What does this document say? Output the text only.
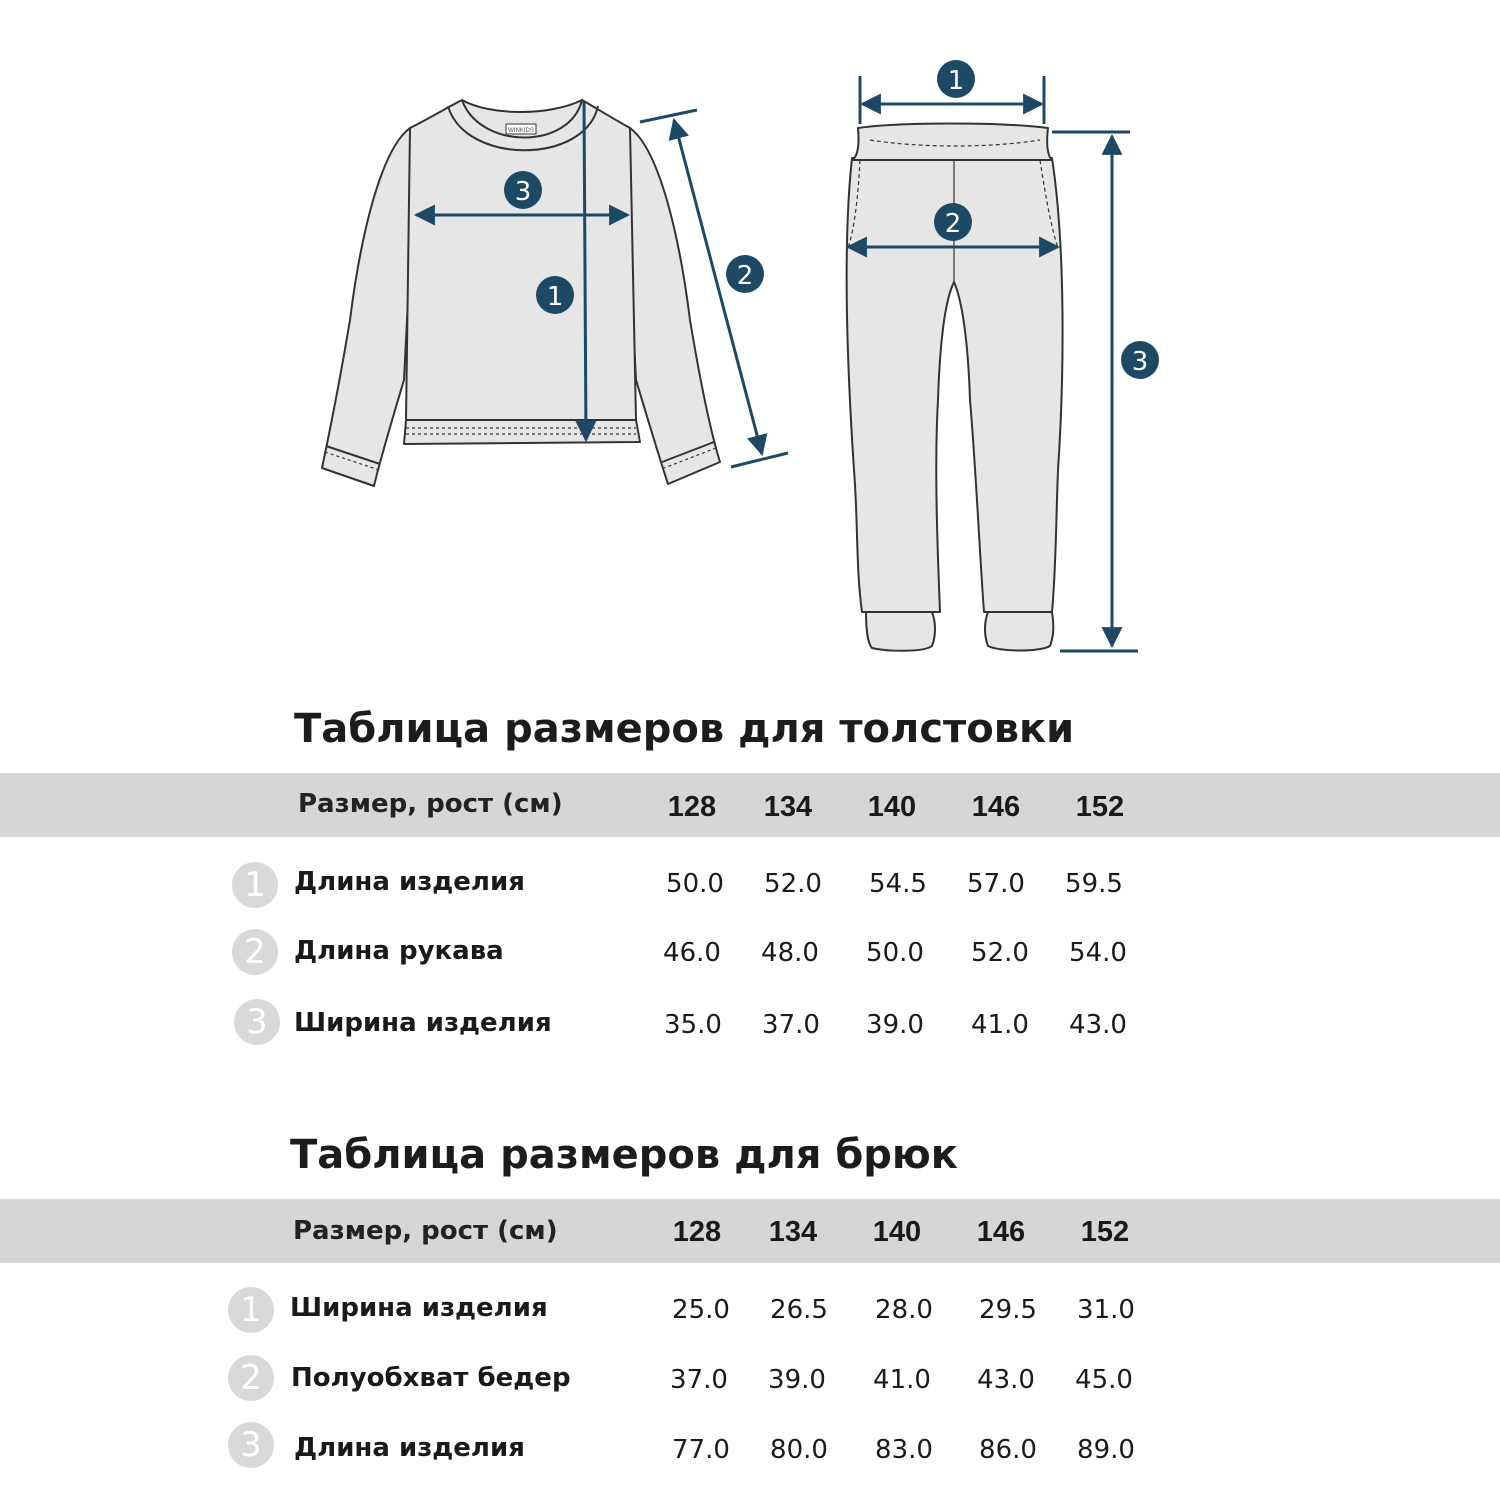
WINKIDS
3
1
2
1
2
3
Таблица размеров для толстовки
Размер, рост (см)	128 134 140 146 152
1	Длина изделия	50.0 52.0 54.5 57.0 59.5
2	Длина рукава	46.0 48.0 50.0 52.0 54.0
3	Ширина изделия	35.0 37.0 39.0 41.0 43.0
Таблица размеров для брюк
Размер, рост (см)	128 134 140 146 152
1	Ширина изделия	25.0 26.5 28.0 29.5 31.0
2	Полуобхват бедер	37.0 39.0 41.0 43.0 45.0
3	Длина изделия	77.0 80.0 83.0 86.0 89.0
